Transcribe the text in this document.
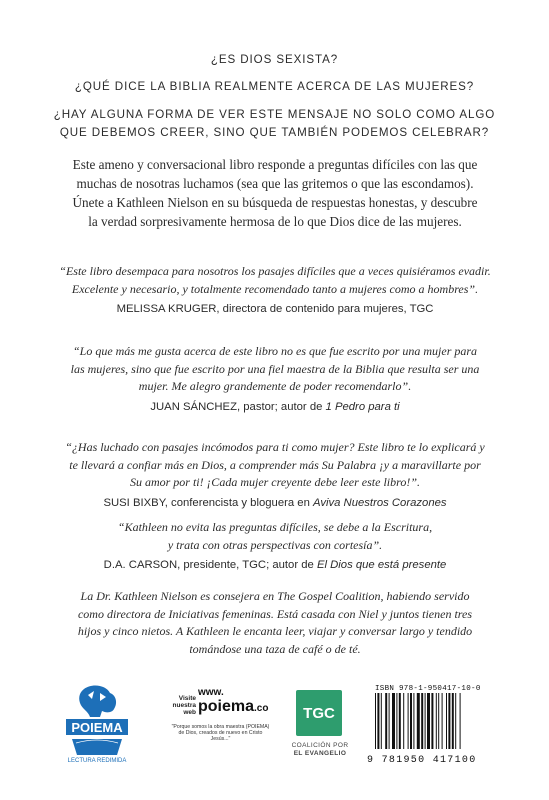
¿ES DIOS SEXISTA?
¿QUÉ DICE LA BIBLIA REALMENTE ACERCA DE LAS MUJERES?
¿HAY ALGUNA FORMA DE VER ESTE MENSAJE NO SOLO COMO ALGO
QUE DEBEMOS CREER, SINO QUE TAMBIÉN PODEMOS CELEBRAR?
Este ameno y conversacional libro responde a preguntas difíciles con las que
muchas de nosotras luchamos (sea que las gritemos o que las escondamos).
Únete a Kathleen Nielson en su búsqueda de respuestas honestas, y descubre
la verdad sorpresivamente hermosa de lo que Dios dice de las mujeres.
“Este libro desempaca para nosotros los pasajes difíciles que a veces quisiéramos evadir.
Excelente y necesario, y totalmente recomendado tanto a mujeres como a hombres”.
MELISSA KRUGER, directora de contenido para mujeres, TGC
“Lo que más me gusta acerca de este libro no es que fue escrito por una mujer para
las mujeres, sino que fue escrito por una fiel maestra de la Biblia que resulta ser una
mujer. Me alegro grandemente de poder recomendarlo”.
JUAN SÁNCHEZ, pastor; autor de 1 Pedro para ti
“¿Has luchado con pasajes incómodos para ti como mujer? Este libro te lo explicará y
te llevará a confiar más en Dios, a comprender más Su Palabra ¡y a maravillarte por
Su amor por ti! ¡Cada mujer creyente debe leer este libro!”.
SUSI BIXBY, conferencista y bloguera en Aviva Nuestros Corazones
“Kathleen no evita las preguntas difíciles, se debe a la Escritura,
y trata con otras perspectivas con cortesía”.
D.A. CARSON, presidente, TGC; autor de El Dios que está presente
La Dr. Kathleen Nielson es consejera en The Gospel Coalition, habiendo servido
como directora de Iniciativas femeninas. Está casada con Niel y juntos tienen tres
hijos y cinco nietos. A Kathleen le encanta leer, viajar y conversar largo y tendido
tomándose una taza de café o de té.
POIEMA
LECTURA REDIMIDA
Visite nuestra web
www.
poiema.co
"Porque somos la obra maestra (POIEMA) de Dios, creados de nuevo en Cristo Jesús..."
TGC
COALICIÓN POR
EL EVANGELIO
ISBN 978-1-950417-10-0
9 781950 417100
